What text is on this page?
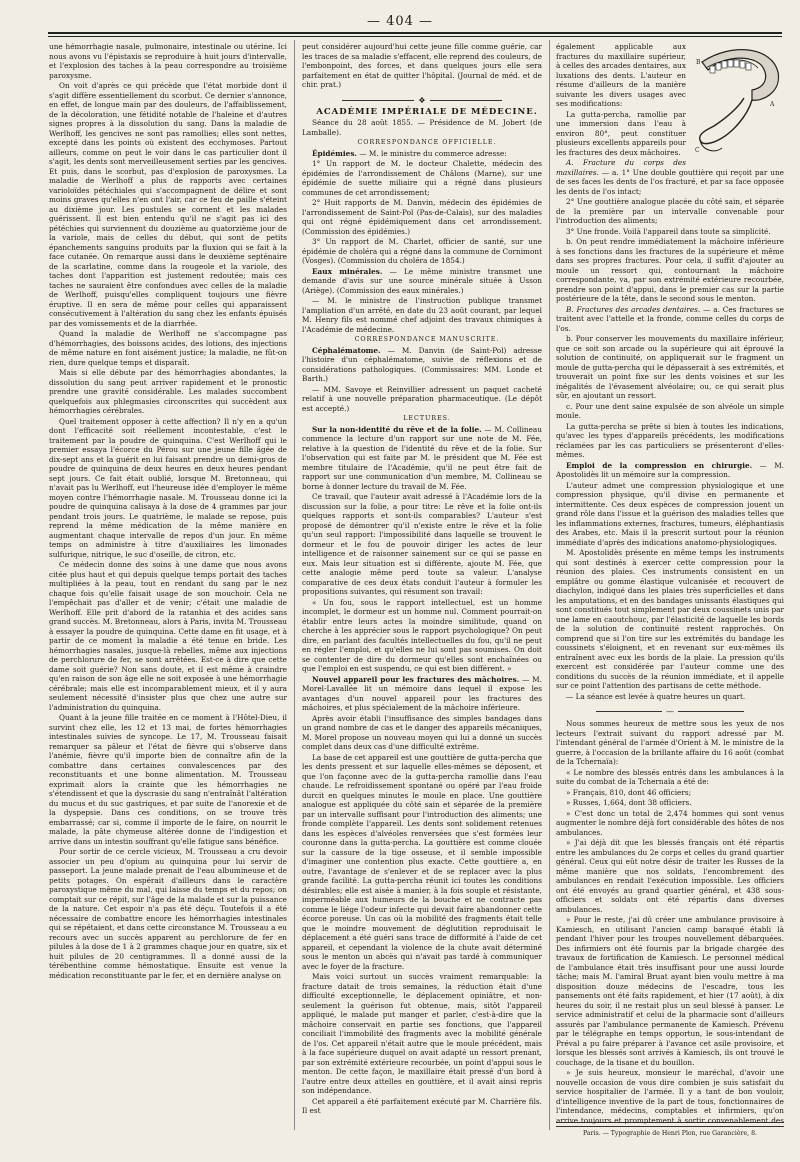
— 404 —

une hémorrhagie nasale, pulmonaire, intestinale ou utérine. Ici nous avons vu l'épistaxis se reproduire à huit jours d'intervalle, et l'explosion des taches à la peau correspondre au troisième paroxysme.

On voit d'après ce qui précède que l'état morbide dont il s'agit diffère essentiellement du scorbut. Ce dernier s'annonce, en effet, de longue main par des douleurs, de l'affaiblissement, de la décoloration, une fétidité notable de l'haleine et d'autres signes propres à la dissolution du sang. Dans la maladie de Werlhoff, les gencives ne sont pas ramollies; elles sont nettes, excepté dans les points où existent des ecchymoses. Partout ailleurs, comme on peut le voir dans le cas particulier dont il s'agit, les dents sont merveilleusement serties par les gencives. Et puis, dans le scorbut, pas d'explosion de paroxysmes. La maladie de Werlhoff a plus de rapports avec certaines varioloïdes pétéchiales qui s'accompagnent de délire et sont moins graves qu'elles n'en ont l'air, car ce feu de paille s'éteint au dixième jour. Les pustules se cornent et les malades guérissent. Il est bien entendu qu'il ne s'agit pas ici des pétéchies qui surviennent du douzième au quatorzième jour de la variole, mais de celles du début, qui sont de petits épanchements sanguins produits par la fluxion qui se fait à la face cutanée. On remarque aussi dans le deuxième septénaire de la scarlatine, comme dans la rougeole et la variole, des taches dont l'apparition est justement redoutée; mais ces taches ne sauraient être confondues avec celles de la maladie de Werlhoff, puisqu'elles compliquent toujours une fièvre éruptive. Il en sera de même pour celles qui apparaissent consécutivement à l'altération du sang chez les enfants épuisés par des vomissements et de la diarrhée.

Quand la maladie de Werlhoff ne s'accompagne pas d'hémorrhagies, des boissons acides, des lotions, des injections de même nature en font aisément justice; la maladie, ne fût-on rien, dure quelque temps et disparaît.

Mais si elle débute par des hémorrhagies abondantes, la dissolution du sang peut arriver rapidement et le pronostic prendre une gravité considérable. Les malades succombent quelquefois aux phlegmasies circonscrites qui succèdent aux hémorrhagies cérébrales.

Quel traitement opposer à cette affection? Il n'y en a qu'un dont l'efficacité soit réellement incontestable, c'est le traitement par la poudre de quinquina. C'est Werlhoff qui le premier essaya l'écorce du Pérou sur une jeune fille âgée de dix-sept ans et la guérit en lui faisant prendre un demi-gros de poudre de quinquina de deux heures en deux heures pendant sept jours. Ce fait était oublié, lorsque M. Bretonneau, qui n'avait pas lu Werlhoff, eut l'heureuse idée d'employer le même moyen contre l'hémorrhagie nasale. M. Trousseau donne ici la poudre de quinquina calisaya à la dose de 4 grammes par jour pendant trois jours. Le quatrième, le malade se repose, puis reprend la même médication de la même manière en augmentant chaque intervalle de repos d'un jour. En même temps on administre à titre d'auxiliaires les limonades sulfurique, nitrique, le suc d'oseille, de citron, etc.

Ce médecin donne des soins à une dame que nous avons citée plus haut et qui depuis quelque temps portait des taches multipliées à la peau, tout en rendant du sang par le nez chaque fois qu'elle faisait usage de son mouchoir. Cela ne l'empêchait pas d'aller et de venir; c'était une maladie de Werlhoff. Elle prit d'abord de la ratanhia et des acides sans grand succès. M. Bretonneau, alors à Paris, invita M. Trousseau à essayer la poudre de quinquina. Cette dame en fit usage, et à partir de ce moment la maladie a été tenue en bride. Les hémorrhagies nasales, jusque-là rebelles, même aux injections de perchlorure de fer, se sont arrêtées. Est-ce à dire que cette dame soit guérie? Non sans doute, et il est même à craindre qu'en raison de son âge elle ne soit exposée à une hémorrhagie cérébrale; mais elle est incomparablement mieux, et il y aura seulement nécessité d'insister plus que chez une autre sur l'administration du quinquina.

Quant à la jeune fille traitée en ce moment à l'Hôtel-Dieu, il survint chez elle, les 12 et 13 mai, de fortes hémorrhagies intestinales suivies de syncope. Le 17, M. Trousseau faisait remarquer sa pâleur et l'état de fièvre qui s'observe dans l'anémie, fièvre qu'il importe bien de connaître afin de la combattre dans certaines convalescences par des reconstituants et une bonne alimentation. M. Trousseau exprimait alors la crainte que les hémorrhagies ne s'étendissent et que la dyscrasie du sang n'entraînât l'altération du mucus et du suc gastriques, et par suite de l'anorexie et de la dyspepsie. Dans ces conditions, on se trouve très embarrassé; car si, comme il importe de le faire, on nourrit le malade, la pâte chymeuse altérée donne de l'indigestion et arrive dans un intestin souffrant qu'elle fatigue sans bénéfice.

Pour sortir de ce cercle vicieux, M. Trousseau a cru devoir associer un peu d'opium au quinquina pour lui servir de passeport. La jeune malade prenait de l'eau albumineuse et de petits potages. On espérait d'ailleurs dans le caractère paroxystique même du mal, qui laisse du temps et du repos; on comptait sur ce répit, sur l'âge de la malade et sur la puissance de la nature. Cet espoir n'a pas été déçu. Toutefois il a été nécessaire de combattre encore les hémorrhagies intestinales qui se répétaient, et dans cette circonstance M. Trousseau a eu recours avec un succès apparent au perchlorure de fer en pilules à la dose de 1 à 2 grammes chaque jour en quatre, six et huit pilules de 20 centigrammes. Il a donné aussi de la térébenthine comme hémostatique. Ensuite est venue la médication reconstituante par le fer, et en dernière analyse on

peut considérer aujourd'hui cette jeune fille comme guérie, car les traces de sa maladie s'effacent, elle reprend des couleurs, de l'embonpoint, des forces, et dans quelques jours elle sera parfaitement en état de quitter l'hôpital. (Journal de méd. et de chir. prat.)

❖

ACADÉMIE IMPÉRIALE DE MÉDECINE.

Séance du 28 août 1855. — Présidence de M. Jobert (de Lamballe).

CORRESPONDANCE OFFICIELLE.

Épidémies. — M. le ministre du commerce adresse:

1° Un rapport de M. le docteur Chalette, médecin des épidémies de l'arrondissement de Châlons (Marne), sur une épidémie de suette miliaire qui a régné dans plusieurs communes de cet arrondissement;

2° Huit rapports de M. Danvin, médecin des épidémies de l'arrondissement de Saint-Pol (Pas-de-Calais), sur des maladies qui ont régné épidémiquement dans cet arrondissement. (Commission des épidémies.)

3° Un rapport de M. Charlet, officier de santé, sur une épidémie de choléra qui a régné dans la commune de Cornimont (Vosges). (Commission du choléra de 1854.)

Eaux minérales. — Le même ministre transmet une demande d'avis sur une source minérale située à Usson (Ariège). (Commission des eaux minérales.)

— M. le ministre de l'instruction publique transmet l'ampliation d'un arrêté, en date du 23 août courant, par lequel M. Henry fils est nommé chef adjoint des travaux chimiques à l'Académie de médecine.

CORRESPONDANCE MANUSCRITE.

Céphalématome. — M. Danvin (de Saint-Pol) adresse l'histoire d'un céphalématome, suivie de réflexions et de considérations pathologiques. (Commissaires: MM. Londe et Barth.)

— MM. Savoye et Reinvillier adressent un paquet cacheté relatif à une nouvelle préparation pharmaceutique. (Le dépôt est accepté.)

LECTURES.

Sur la non-identité du rêve et de la folie. — M. Collineau commence la lecture d'un rapport sur une note de M. Fée, relative à la question de l'identité du rêve et de la folie. Sur l'observation qui est faite par M. le président que M. Fée est membre titulaire de l'Académie, qu'il ne peut être fait de rapport sur une communication d'un membre, M. Collineau se borne à donner lecture du travail de M. Fée.

Ce travail, que l'auteur avait adressé à l'Académie lors de la discussion sur la folie, a pour titre: Le rêve et la folie ont-ils quelques rapports et sont-ils comparables? L'auteur s'est proposé de démontrer qu'il n'existe entre le rêve et la folie qu'un seul rapport: l'impossibilité dans laquelle se trouvent le dormeur et le fou de pouvoir diriger les actes de leur intelligence et de raisonner sainement sur ce qui se passe en eux. Mais leur situation est si différente, ajoute M. Fée, que cette analogie même perd toute sa valeur. L'analyse comparative de ces deux états conduit l'auteur à formuler les propositions suivantes, qui résument son travail:

« Un fou, sous le rapport intellectuel, est un homme incomplet, le dormeur est un homme nul. Comment pourrait-on établir entre leurs actes la moindre similitude, quand on cherche à les apprécier sous le rapport psychologique? On peut dire, en parlant des facultés intellectuelles du fou, qu'il ne peut en régler l'emploi, et qu'elles ne lui sont pas soumises. On doit se contenter de dire du dormeur qu'elles sont enchaînées ou que l'emploi en est suspendu, ce qui est bien différent. »

Nouvel appareil pour les fractures des mâchoires. — M. Morel-Lavallée lit un mémoire dans lequel il expose les avantages d'un nouvel appareil pour les fractures des mâchoires, et plus spécialement de la mâchoire inférieure.

Après avoir établi l'insuffisance des simples bandages dans un grand nombre de cas et le danger des appareils mécaniques, M. Morel propose un nouveau moyen qui lui a donné un succès complet dans deux cas d'une difficulté extrême.

La base de cet appareil est une gouttière de gutta-percha que les dents pressent et sur laquelle elles-mêmes se déposent, et que l'on façonne avec de la gutta-percha ramollie dans l'eau chaude. Le refroidissement spontané ou opéré par l'eau froide durcit en quelques minutes le moule en place. Une gouttière analogue est appliquée du côté sain et séparée de la première par un intervalle suffisant pour l'introduction des aliments; une fronde complète l'appareil. Les dents sont solidement retenues dans les espèces d'alvéoles renversées que s'est formées leur couronne dans la gutta-percha. La gouttière est comme clouée sur la cassure de la tige osseuse, et il semble impossible d'imaginer une contention plus exacte. Cette gouttière a, en outre, l'avantage de s'enlever et de se replacer avec la plus grande facilité. La gutta-percha réunit ici toutes les conditions désirables; elle est aisée à manier, à la fois souple et résistante, imperméable aux humeurs de la bouche et ne contracte pas comme le liége l'odeur infecte qui devait faire abandonner cette écorce poreuse. Un cas où la mobilité des fragments était telle que le moindre mouvement de déglutition reproduisait le déplacement a été guéri sans trace de difformité à l'aide de cet appareil, et cependant la violence de la chute avait déterminé sous le menton un abcès qui n'avait pas tardé à communiquer avec le foyer de la fracture.

Mais voici surtout un succès vraiment remarquable: la fracture datait de trois semaines, la réduction était d'une difficulté exceptionnelle, le déplacement opiniâtre, et non-seulement la guérison fut obtenue, mais, sitôt l'appareil appliqué, le malade put manger et parler, c'est-à-dire que la mâchoire conservait en partie ses fonctions, que l'appareil conciliait l'immobilité des fragments avec la mobilité générale de l'os. Cet appareil n'était autre que le moule précédent, mais à la face supérieure duquel on avait adapté un ressort prenant, par son extrémité extérieure recourbée, un point d'appui sous le menton. De cette façon, le maxillaire était pressé d'un bord à l'autre entre deux attelles en gouttière, et il avait ainsi repris son indépendance.

Cet appareil a été parfaitement exécuté par M. Charrière fils. Il est

B
A
C

également applicable aux fractures du maxillaire supérieur, à celles des arcades dentaires, aux luxations des dents. L'auteur en résume d'ailleurs de la manière suivante les divers usages avec ses modifications:

La gutta-percha, ramollie par une immersion dans l'eau à environ 80°, peut constituer plusieurs excellents appareils pour les fractures des deux mâchoires.

A. Fracture du corps des maxillaires. — a. 1° Une double gouttière qui reçoit par une de ses faces les dents de l'os fracturé, et par sa face opposée les dents de l'os intact;

2° Une gouttière analogue placée du côté sain, et séparée de la première par un intervalle convenable pour l'introduction des aliments;

3° Une fronde. Voilà l'appareil dans toute sa simplicité.

b. On peut rendre immédiatement la mâchoire inférieure à ses fonctions dans les fractures de la supérieure et même dans ses propres fractures. Pour cela, il suffit d'ajouter au moule un ressort qui, contournant la mâchoire correspondante, va, par son extrémité extérieure recourbée, prendre son point d'appui, dans le premier cas sur la partie postérieure de la tête, dans le second sous le menton.

B. Fractures des arcades dentaires. — a. Ces fractures se traitent avec l'attelle et la fronde, comme celles du corps de l'os.

b. Pour conserver les mouvements du maxillaire inférieur, que ce soit son arcade ou la supérieure qui ait éprouvé la solution de continuité, on appliquerait sur le fragment un moule de gutta-percha qui le dépasserait à ses extrémités, et trouverait un point fixe sur les dents voisines et sur les inégalités de l'évasement alvéolaire; ou, ce qui serait plus sûr, en ajoutant un ressort.

c. Pour une dent saine expulsée de son alvéole un simple moule.

La gutta-percha se prête si bien à toutes les indications, qu'avec les types d'appareils précédents, les modifications réclamées par les cas particuliers se présenteront d'elles-mêmes.

Emploi de la compression en chirurgie. — M. Apostolidès lit un mémoire sur la compression.

L'auteur admet une compression physiologique et une compression physique, qu'il divise en permanente et intermittente. Ces deux espèces de compression jouent un grand rôle dans l'issue et la guérison des maladies telles que les inflammations externes, fractures, tumeurs, éléphantiasis des Arabes, etc. Mais il la prescrit surtout pour la réunion immédiate d'après des indications anatomo-physiologiques.

M. Apostolidès présente en même temps les instruments qui sont destinés à exercer cette compression pour la réunion des plaies. Ces instruments consistent en un emplâtre ou gomme élastique vulcanisée et recouvert de diachylon, indiqué dans les plaies très superficielles et dans les amputations, et en des bandages unissants élastiques qui sont constitués tout simplement par deux coussinets unis par une lame en caoutchouc, par l'élasticité de laquelle les bords de la solution de continuité restent rapprochés. On comprend que si l'on tire sur les extrémités du bandage les coussinets s'éloignent, et en revenant sur eux-mêmes ils entraînent avec eux les bords de la plaie. La pression qu'ils exercent est considérée par l'auteur comme une des conditions du succès de la réunion immédiate, et il appelle sur ce point l'attention des partisans de cette méthode.

— La séance est levée à quatre heures un quart.

—

Nous sommes heureux de mettre sous les yeux de nos lecteurs l'extrait suivant du rapport adressé par M. l'intendant général de l'armée d'Orient à M. le ministre de la guerre, à l'occasion de la brillante affaire du 16 août (combat de la Tchernaïa):

« Le nombre des blessés entrés dans les ambulances à la suite du combat de la Tchernaïa a été de:

» Français, 810, dont 46 officiers;

» Russes, 1,664, dont 38 officiers.

» C'est donc un total de 2,474 hommes qui sont venus augmenter le nombre déjà fort considérable des hôtes de nos ambulances.

» J'ai déjà dit que les blessés français ont été répartis entre les ambulances du 2e corps et celles du grand quartier général. Ceux qui eût notre désir de traiter les Russes de la même manière que nos soldats, l'encombrement des ambulances en rendait l'exécution impossible. Les officiers ont été envoyés au grand quartier général, et 438 sous-officiers et soldats ont été répartis dans diverses ambulances.

» Pour le reste, j'ai dû créer une ambulance provisoire à Kamiesch, en utilisant l'ancien camp baraqué établi là pendant l'hiver pour les troupes nouvellement débarquées. Des infirmiers ont été fournis par la brigade chargée des travaux de fortification de Kamiesch. Le personnel médical de l'ambulance était très insuffisant pour une aussi lourde tâche; mais M. l'amiral Bruat ayant bien voulu mettre à ma disposition douze médecins de l'escadre, tous les pansements ont été faits rapidement, et hier (17 août), à dix heures du soir, il ne restait plus un seul blessé à panser. Le service administratif et celui de la pharmacie sont d'ailleurs assurés par l'ambulance permanente de Kamiesch. Prévenu par le télégraphe en temps opportun, le sous-intendant de Préval a pu faire préparer à l'avance cet asile provisoire, et lorsque les blessés sont arrivés à Kamiesch, ils ont trouvé le couchage, de la tisane et du bouillon.

» Je suis heureux, monsieur le maréchal, d'avoir une nouvelle occasion de vous dire combien je suis satisfait du service hospitalier de l'armée. Il y a tant de bon vouloir, d'intelligence inventive de la part de tous, fonctionnaires de l'intendance, médecins, comptables et infirmiers, qu'on arrive toujours et promptement à sortir convenablement des

Paris. — Typographie de Henri Plon, rue Garancière, 8.
